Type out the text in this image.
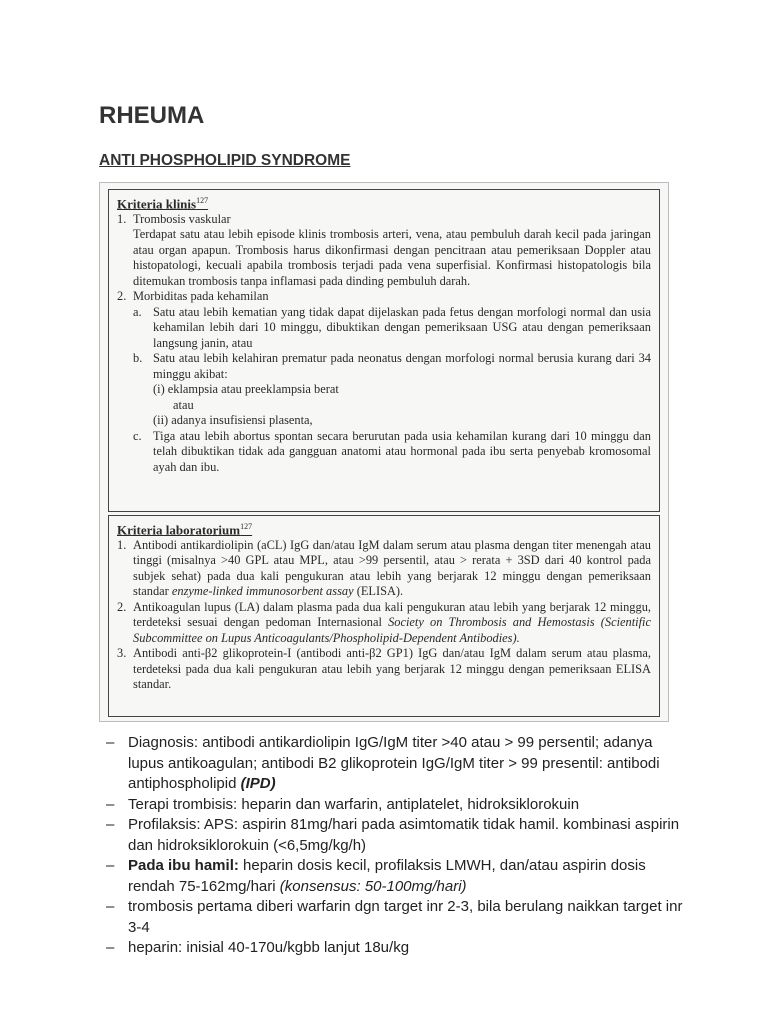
RHEUMA
ANTI PHOSPHOLIPID SYNDROME

Kriteria klinis$^{127}$

1. Trombosis vaskular

Terdapat satu atau lebih episode klinis trombosis arteri, vena, atau pembuluh darah kecil pada jaringan atau organ apapun. Trombosis harus dikonfirmasi dengan pencitraan atau pemeriksaan Doppler atau histopatologi, kecuali apabila trombosis terjadi pada vena superfisial. Konfirmasi histopatologis bila ditemukan trombosis tanpa inflamasi pada dinding pembuluh darah.

2. Morbiditas pada kehamilan
a. Satu atau lebih kematian yang tidak dapat dijelaskan pada fetus dengan morfologi normal dan usia kehamilan lebih dari 10 minggu, dibuktikan dengan pemeriksaan USG atau dengan pemeriksaan langsung janin, atau
b. Satu atau lebih kelahiran prematur pada neonatus dengan morfologi normal berusia kurang dari 34 minggu akibat:

(i) eklampsia atau preeklampsia berat

atau

(ii) adanya insufisiensi plasenta,

c. Tiga atau lebih abortus spontan secara berurutan pada usia kehamilan kurang dari 10 minggu dan telah dibuktikan tidak ada gangguan anatomi atau hormonal pada ibu serta penyebab kromosomal ayah dan ibu.

Kriteria laboratorium$^{127}$

1. Antibodi antikardiolipin (aCL) IgG dan/atau IgM dalam serum atau plasma dengan titer menengah atau tinggi (misalnya >40 GPL atau MPL, atau >99 persentil, atau > rerata + 3SD dari 40 kontrol pada subjek sehat) pada dua kali pengukuran atau lebih yang berjarak 12 minggu dengan pemeriksaan standar enzyme-linked immunosorbent assay (ELISA).
2. Antikoagulan lupus (LA) dalam plasma pada dua kali pengukuran atau lebih yang berjarak 12 minggu, terdeteksi sesuai dengan pedoman Internasional Society on Thrombosis and Hemostasis (Scientific Subcommittee on Lupus Anticoagulants/Phospholipid-Dependent Antibodies).
3. Antibodi anti-β2 glikoprotein-I (antibodi anti-β2 GP1) IgG dan/atau IgM dalam serum atau plasma, terdeteksi pada dua kali pengukuran atau lebih yang berjarak 12 minggu dengan pemeriksaan ELISA standar.
– Diagnosis: antibodi antikardiolipin IgG/IgM titer >40 atau > 99 persentil; adanya lupus antikoagulan; antibodi B2 glikoprotein IgG/IgM titer > 99 presentil: antibodi antiphospholipid (IPD)
– Terapi trombisis: heparin dan warfarin, antiplatelet, hidroksiklorokuin
– Profilaksis: APS: aspirin 81mg/hari pada asimtomatik tidak hamil. kombinasi aspirin dan hidroksiklorokuin (<6,5mg/kg/h)
– Pada ibu hamil: heparin dosis kecil, profilaksis LMWH, dan/atau aspirin dosis rendah 75-162mg/hari (konsensus: 50-100mg/hari)
– trombosis pertama diberi warfarin dgn target inr 2-3, bila berulang naikkan target inr 3-4
– heparin: inisial 40-170u/kgbb lanjut 18u/kg
